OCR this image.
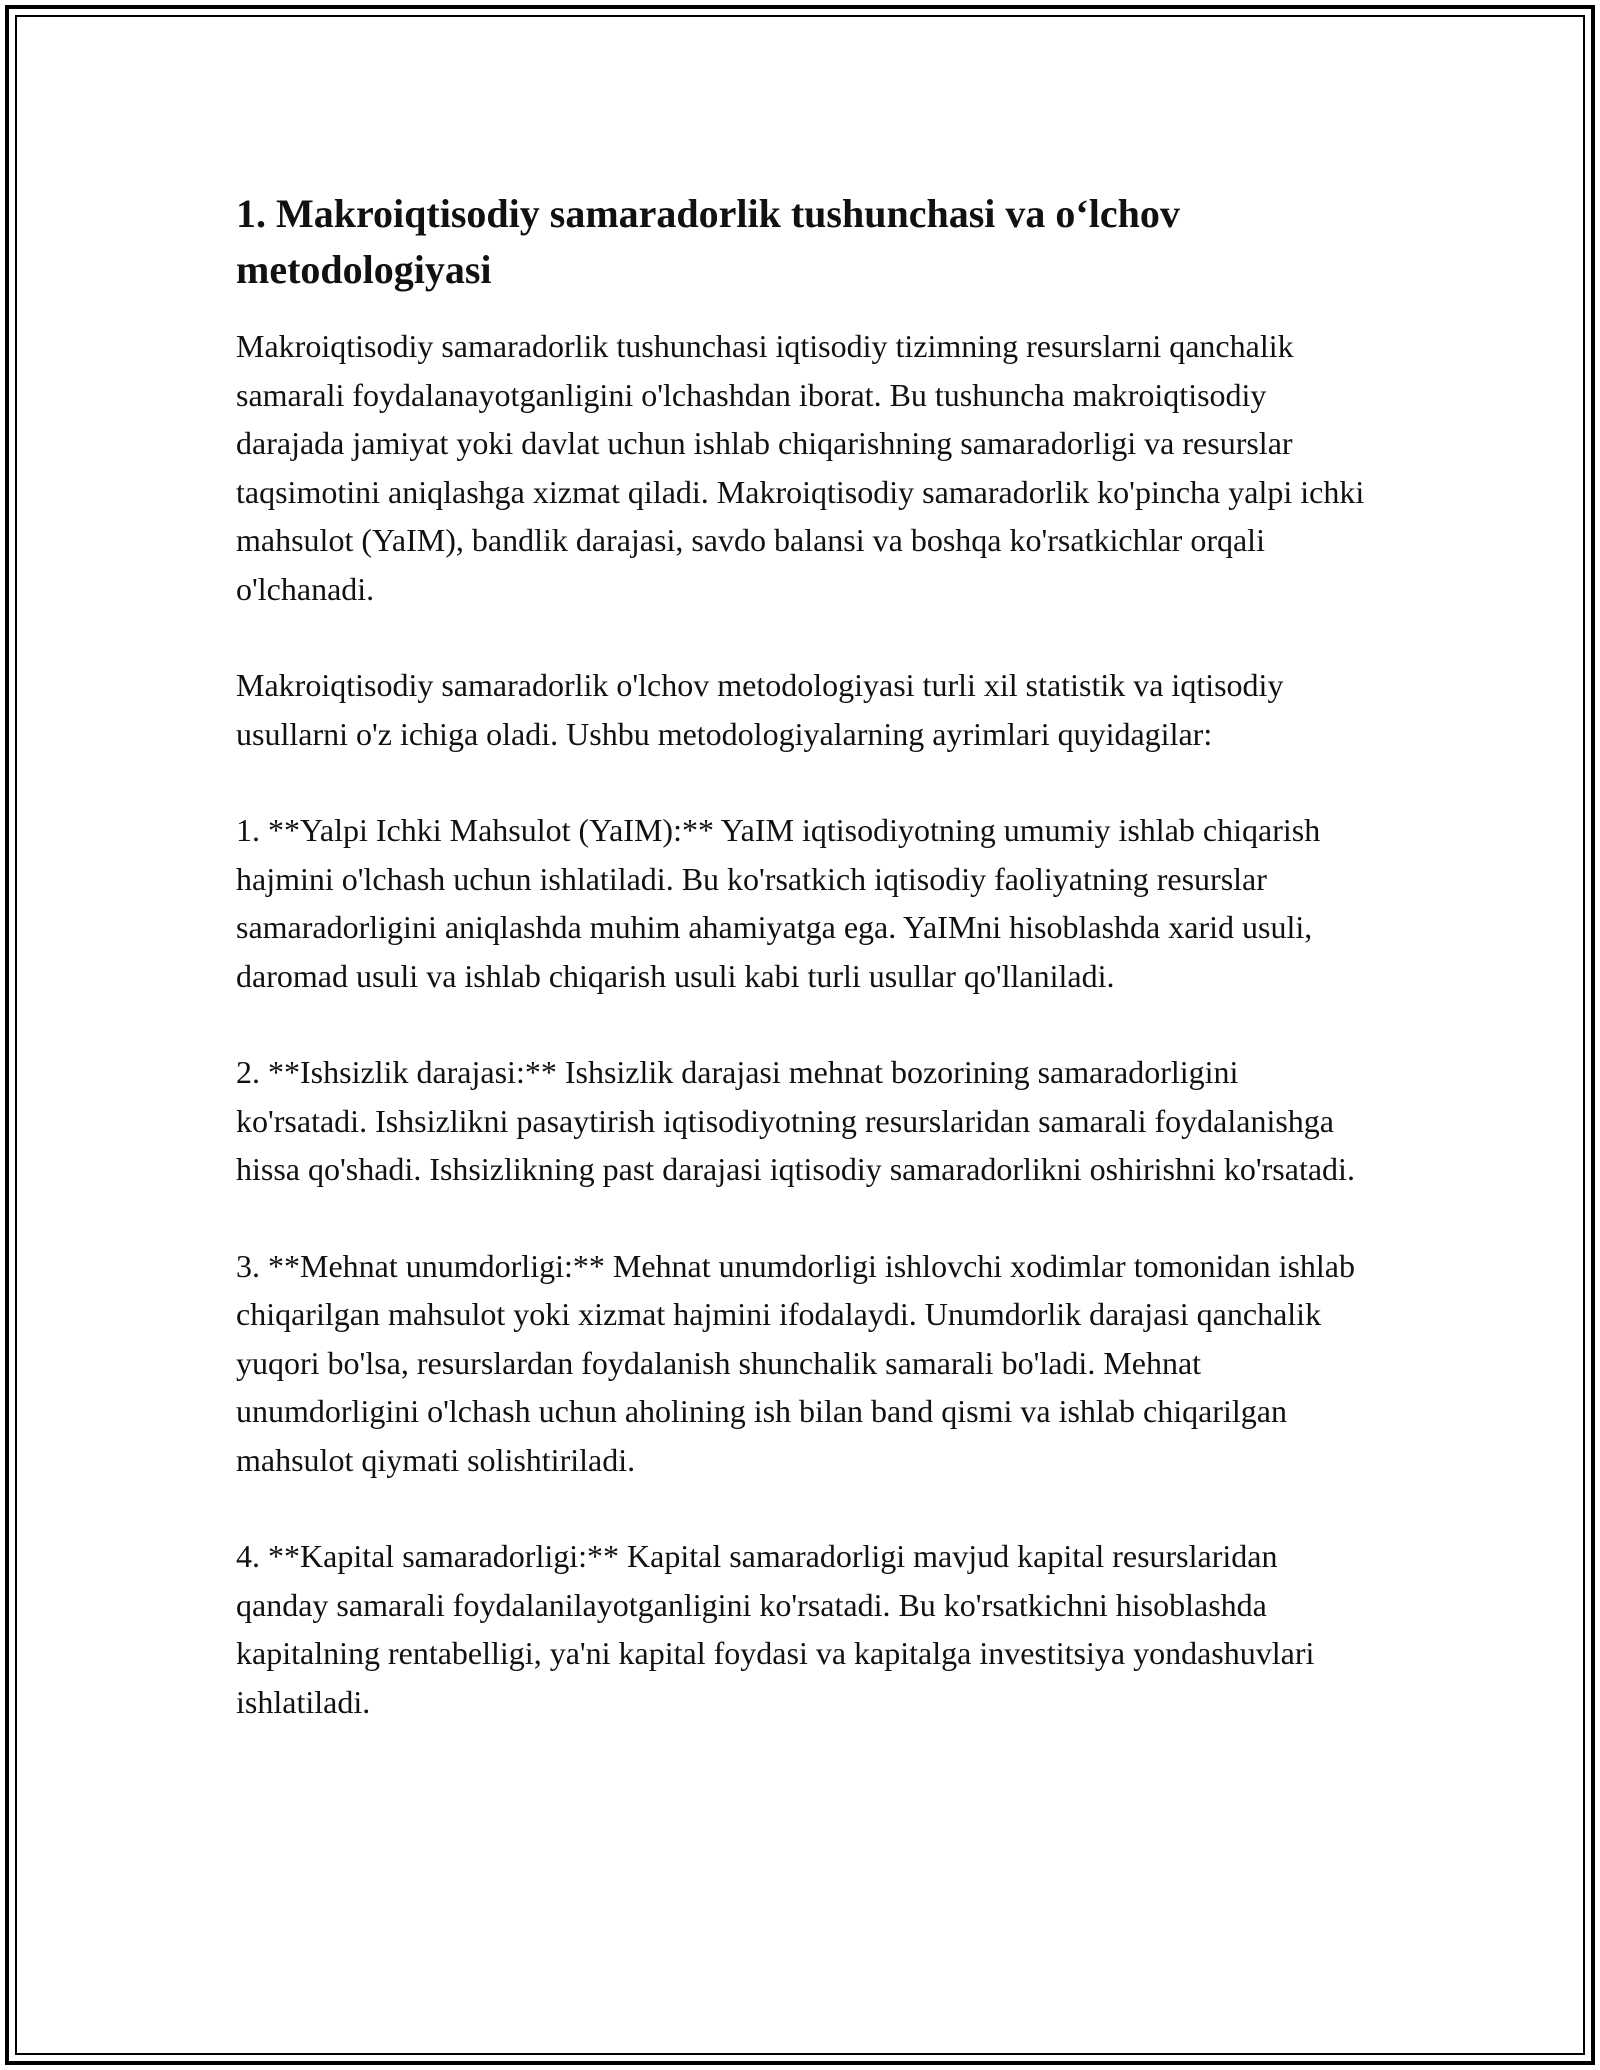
1. Makroiqtisodiy samaradorlik tushunchasi va o‘lchov metodologiyasi

Makroiqtisodiy samaradorlik tushunchasi iqtisodiy tizimning resurslarni qanchalik samarali foydalanayotganligini o'lchashdan iborat. Bu tushuncha makroiqtisodiy darajada jamiyat yoki davlat uchun ishlab chiqarishning samaradorligi va resurslar taqsimotini aniqlashga xizmat qiladi. Makroiqtisodiy samaradorlik ko'pincha yalpi ichki mahsulot (YaIM), bandlik darajasi, savdo balansi va boshqa ko'rsatkichlar orqali o'lchanadi.

Makroiqtisodiy samaradorlik o'lchov metodologiyasi turli xil statistik va iqtisodiy usullarni o'z ichiga oladi. Ushbu metodologiyalarning ayrimlari quyidagilar:

1. **Yalpi Ichki Mahsulot (YaIM):** YaIM iqtisodiyotning umumiy ishlab chiqarish hajmini o'lchash uchun ishlatiladi. Bu ko'rsatkich iqtisodiy faoliyatning resurslar samaradorligini aniqlashda muhim ahamiyatga ega. YaIMni hisoblashda xarid usuli, daromad usuli va ishlab chiqarish usuli kabi turli usullar qo'llaniladi.

2. **Ishsizlik darajasi:** Ishsizlik darajasi mehnat bozorining samaradorligini ko'rsatadi. Ishsizlikni pasaytirish iqtisodiyotning resurslaridan samarali foydalanishga hissa qo'shadi. Ishsizlikning past darajasi iqtisodiy samaradorlikni oshirishni ko'rsatadi.

3. **Mehnat unumdorligi:** Mehnat unumdorligi ishlovchi xodimlar tomonidan ishlab chiqarilgan mahsulot yoki xizmat hajmini ifodalaydi. Unumdorlik darajasi qanchalik yuqori bo'lsa, resurslardan foydalanish shunchalik samarali bo'ladi. Mehnat unumdorligini o'lchash uchun aholining ish bilan band qismi va ishlab chiqarilgan mahsulot qiymati solishtiriladi.

4. **Kapital samaradorligi:** Kapital samaradorligi mavjud kapital resurslaridan qanday samarali foydalanilayotganligini ko'rsatadi. Bu ko'rsatkichni hisoblashda kapitalning rentabelligi, ya'ni kapital foydasi va kapitalga investitsiya yondashuvlari ishlatiladi.
